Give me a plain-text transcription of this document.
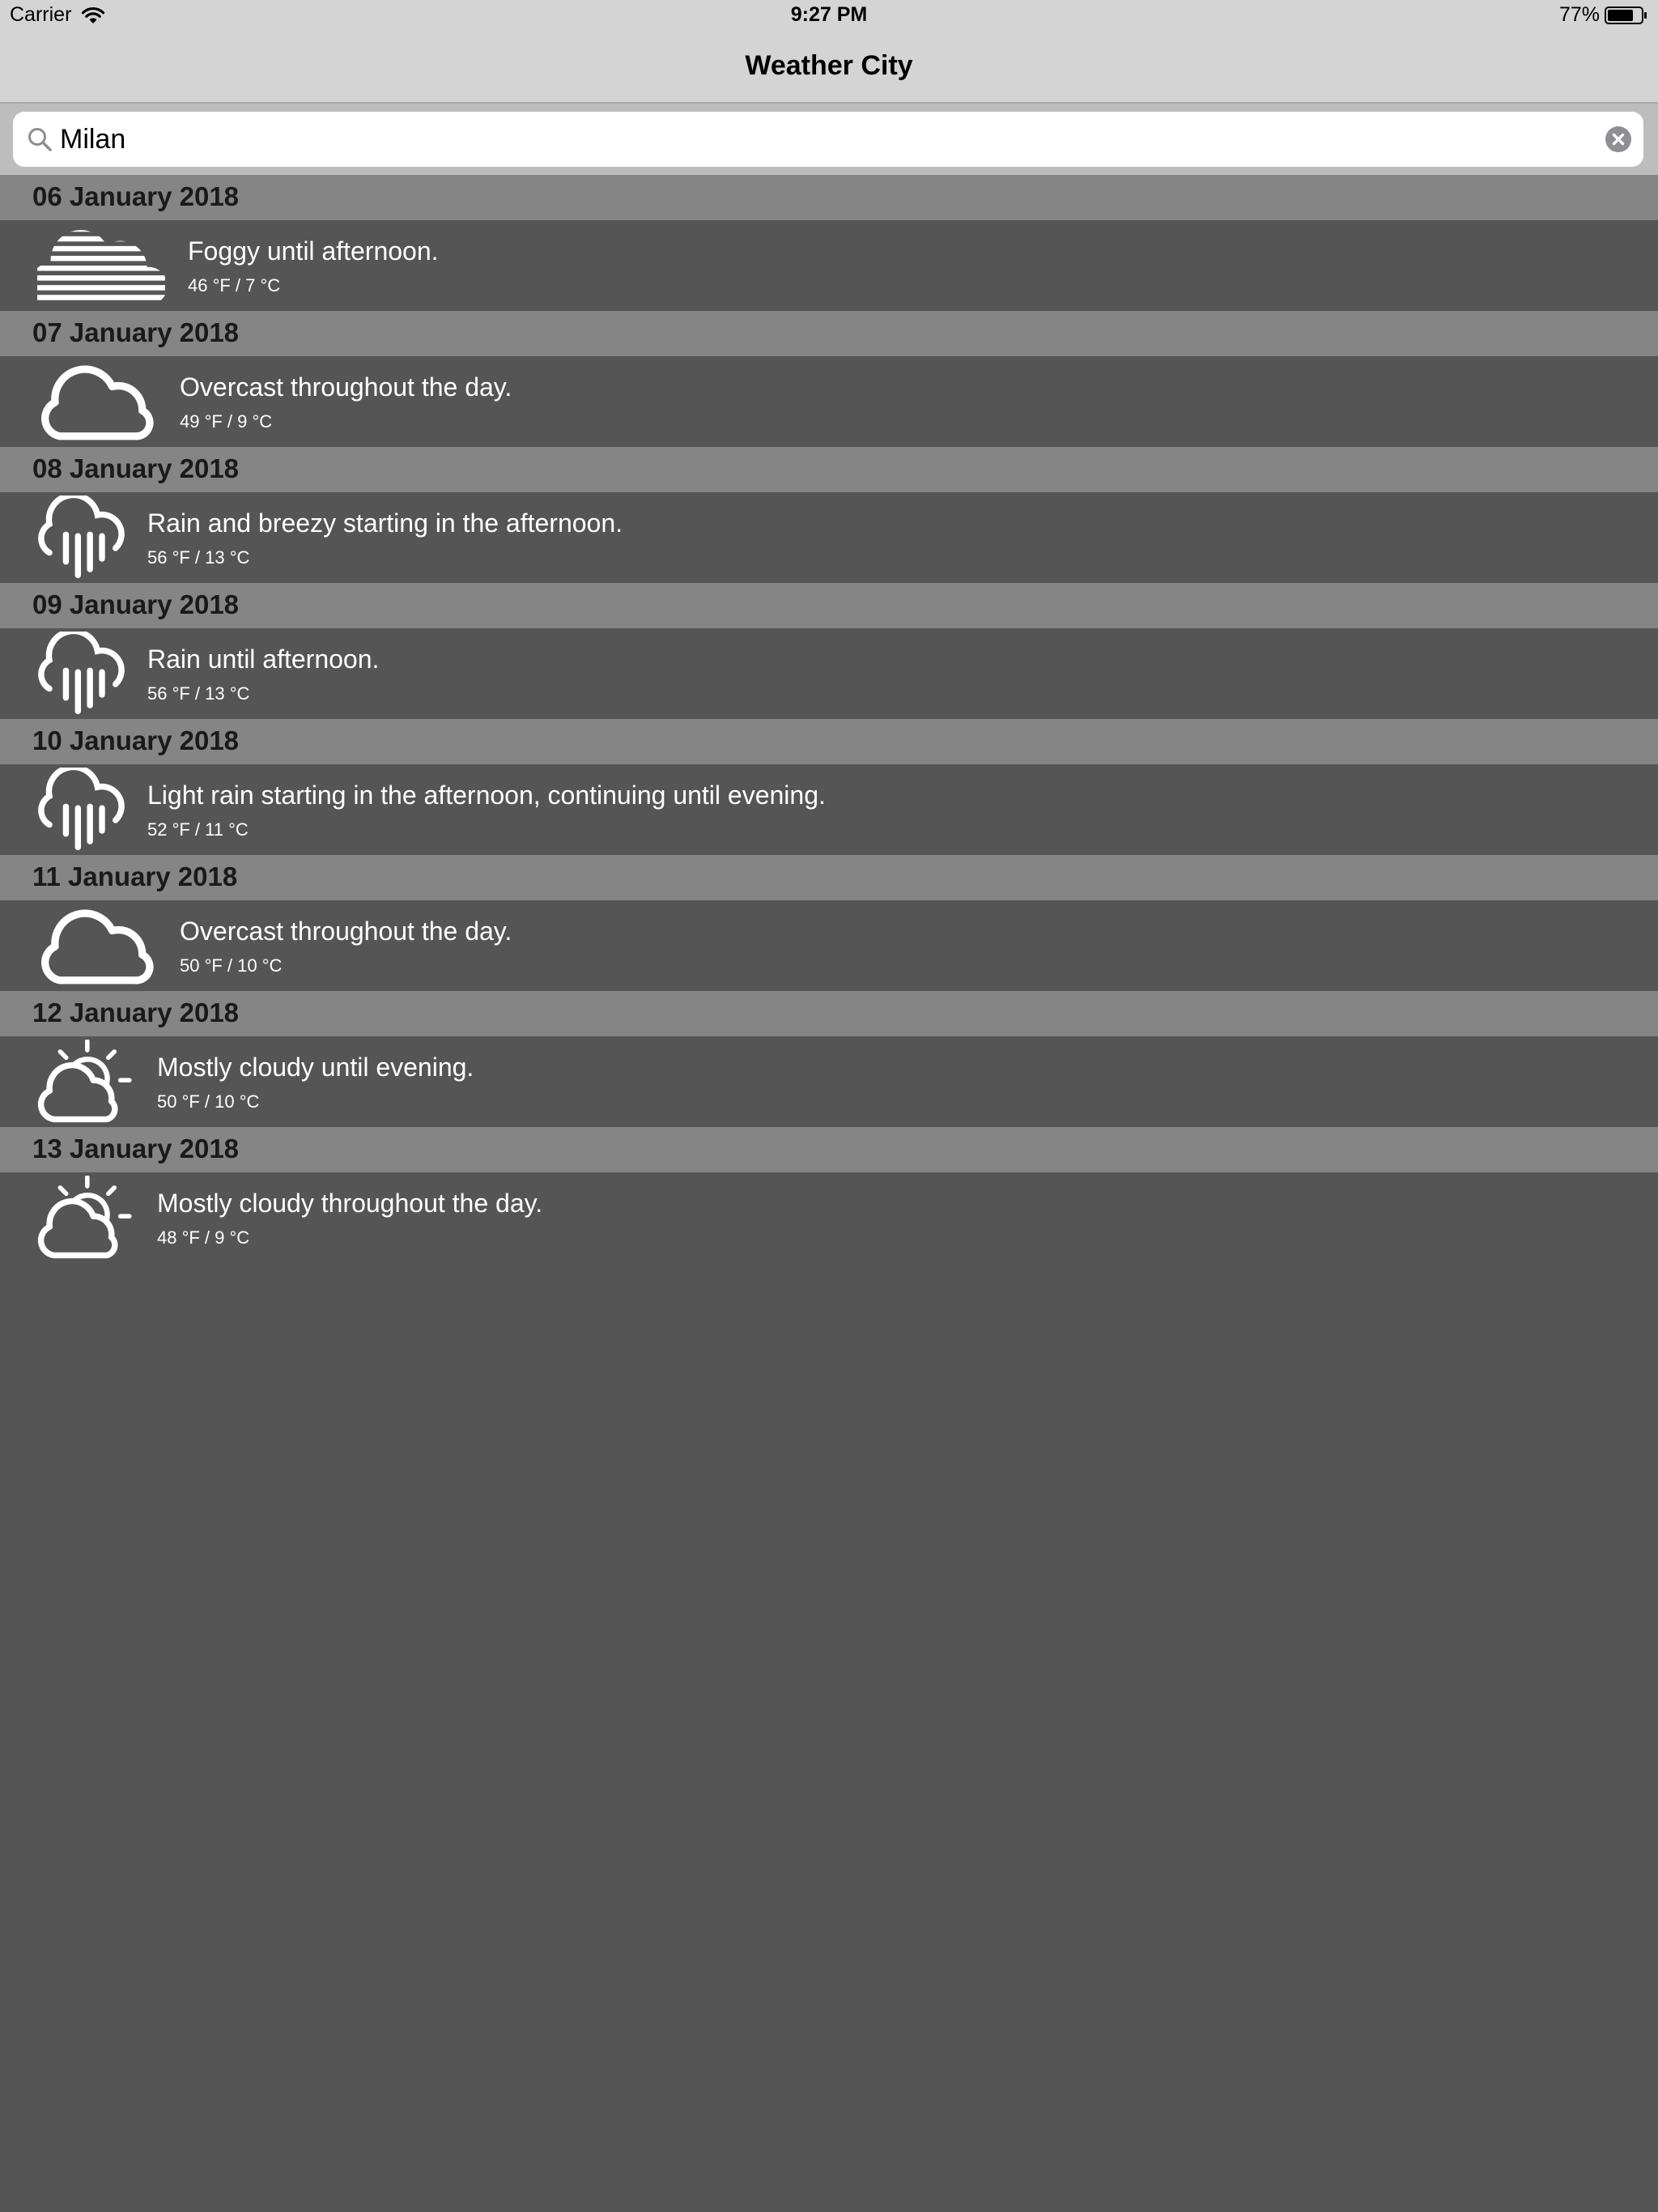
Carrier	9:27 PM	77%
Weather City
Milan
06 January 2018
Foggy until afternoon.
46 °F / 7 °C
07 January 2018
Overcast throughout the day.
49 °F / 9 °C
08 January 2018
Rain and breezy starting in the afternoon.
56 °F / 13 °C
09 January 2018
Rain until afternoon.
56 °F / 13 °C
10 January 2018
Light rain starting in the afternoon, continuing until evening.
52 °F / 11 °C
11 January 2018
Overcast throughout the day.
50 °F / 10 °C
12 January 2018
Mostly cloudy until evening.
50 °F / 10 °C
13 January 2018
Mostly cloudy throughout the day.
48 °F / 9 °C
